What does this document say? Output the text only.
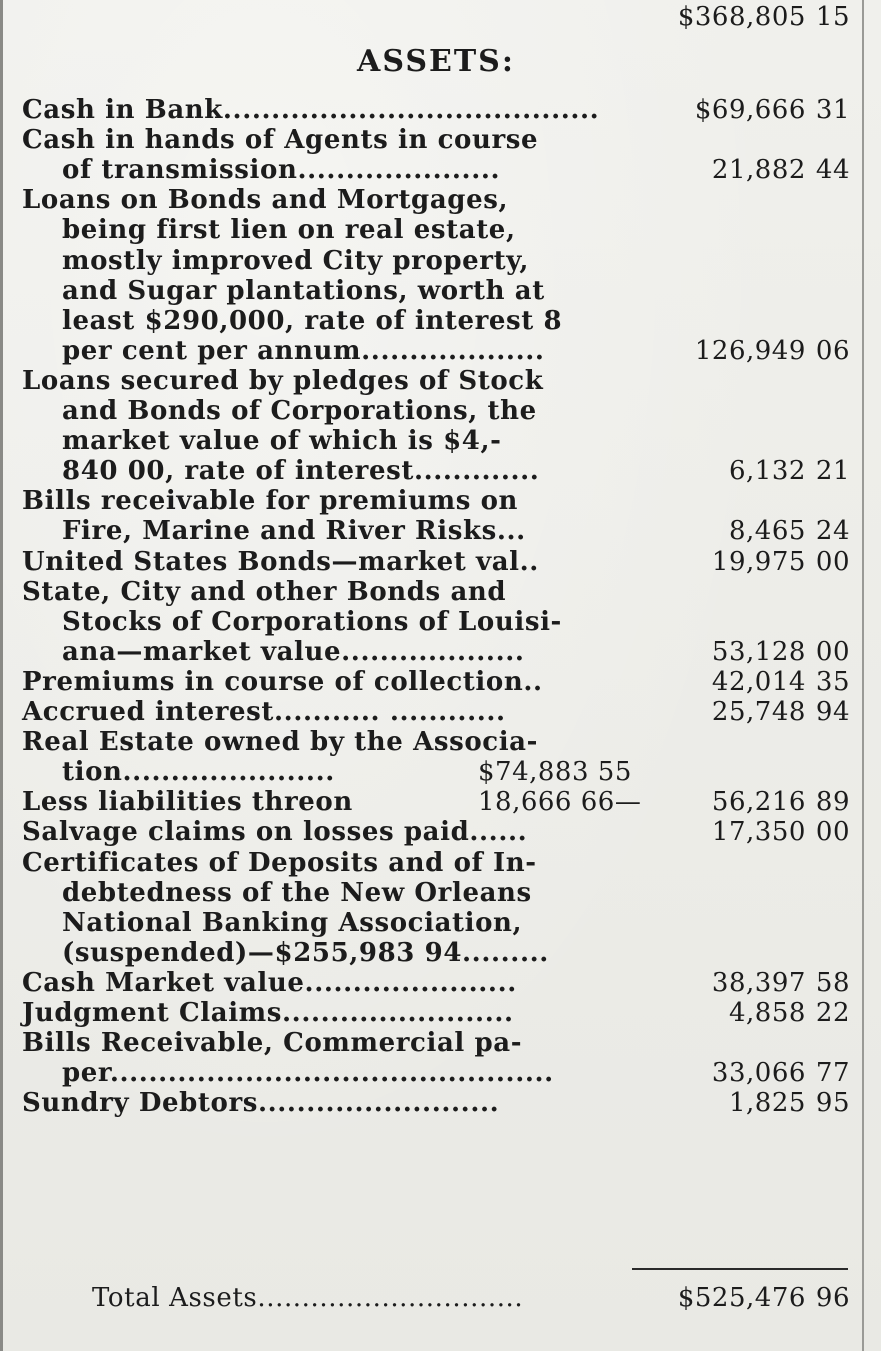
$368,805 15
ASSETS:
Cash in Bank.......................................	$69,666 31
Cash in hands of Agents in course
of transmission.....................	21,882 44
Loans on Bonds and Mortgages,
being first lien on real estate,
mostly improved City property,
and Sugar plantations, worth at
least $290,000, rate of interest 8
per cent per annum...................	126,949 06
Loans secured by pledges of Stock
and Bonds of Corporations, the
market value of which is $4,-
840 00, rate of interest.............	6,132 21
Bills receivable for premiums on
Fire, Marine and River Risks...	8,465 24
United States Bonds—market val..	19,975 00
State, City and other Bonds and
Stocks of Corporations of Louisi-
ana—market value...................	53,128 00
Premiums in course of collection..	42,014 35
Accrued interest........... ............	25,748 94
Real Estate owned by the Associa-
tion......................	$74,883 55
Less liabilities threon	18,666 66—	56,216 89
Salvage claims on losses paid......	17,350 00
Certificates of Deposits and of In-
debtedness of the New Orleans
National Banking Association,
(suspended)—$255,983 94.........
Cash Market value......................	38,397 58
Judgment Claims........................	4,858 22
Bills Receivable, Commercial pa-
per..............................................	33,066 77
Sundry Debtors.........................	1,825 95
Total Assets..............................	$525,476 96
